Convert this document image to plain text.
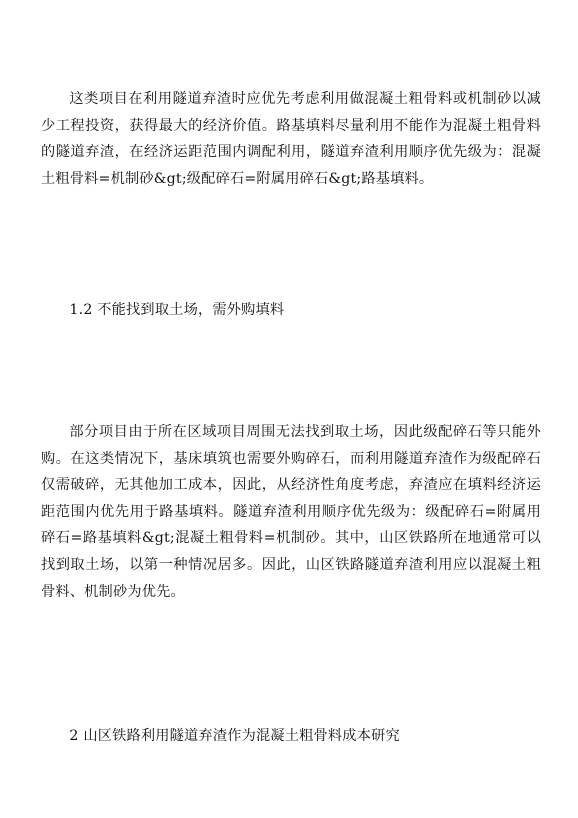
这类项目在利用隧道弃渣时应优先考虑利用做混凝土粗骨料或机制砂以减少工程投资，获得最大的经济价值。路基填料尽量利用不能作为混凝土粗骨料的隧道弃渣，在经济运距范围内调配利用，隧道弃渣利用顺序优先级为：混凝土粗骨料=机制砂&gt;级配碎石=附属用碎石&gt;路基填料。

1.2 不能找到取土场，需外购填料

部分项目由于所在区域项目周围无法找到取土场，因此级配碎石等只能外购。在这类情况下，基床填筑也需要外购碎石，而利用隧道弃渣作为级配碎石仅需破碎，无其他加工成本，因此，从经济性角度考虑，弃渣应在填料经济运距范围内优先用于路基填料。隧道弃渣利用顺序优先级为：级配碎石=附属用碎石=路基填料&gt;混凝土粗骨料=机制砂。其中，山区铁路所在地通常可以找到取土场，以第一种情况居多。因此，山区铁路隧道弃渣利用应以混凝土粗骨料、机制砂为优先。

2 山区铁路利用隧道弃渣作为混凝土粗骨料成本研究
